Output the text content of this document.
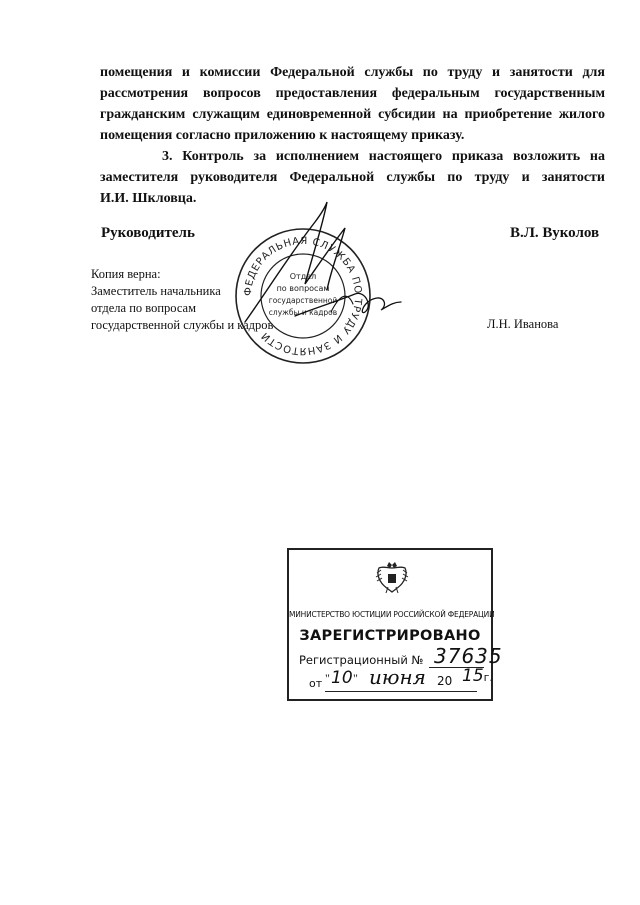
помещения и комиссии Федеральной службы по труду и занятости для
рассмотрения вопросов предоставления федеральным государственным
гражданским служащим единовременной субсидии на приобретение жилого
помещения согласно приложению к настоящему приказу.
3. Контроль за исполнением настоящего приказа возложить на
заместителя руководителя Федеральной службы по труду и занятости
И.И. Шкловца.
Руководитель	В.Л. Вуколов
Копия верна:
Заместитель начальника
отдела по вопросам
государственной службы и кадров	Л.Н. Иванова
ФЕДЕРАЛЬНАЯ СЛУЖБА ПО ТРУДУ И ЗАНЯТОСТИ
Отдел
по вопросам
государственной
службы и кадров
МИНИСТЕРСТВО ЮСТИЦИИ РОССИЙСКОЙ ФЕДЕРАЦИИ
ЗАРЕГИСТРИРОВАНО
Регистрационный № 37635
от " 10 " июня 20 15г.
